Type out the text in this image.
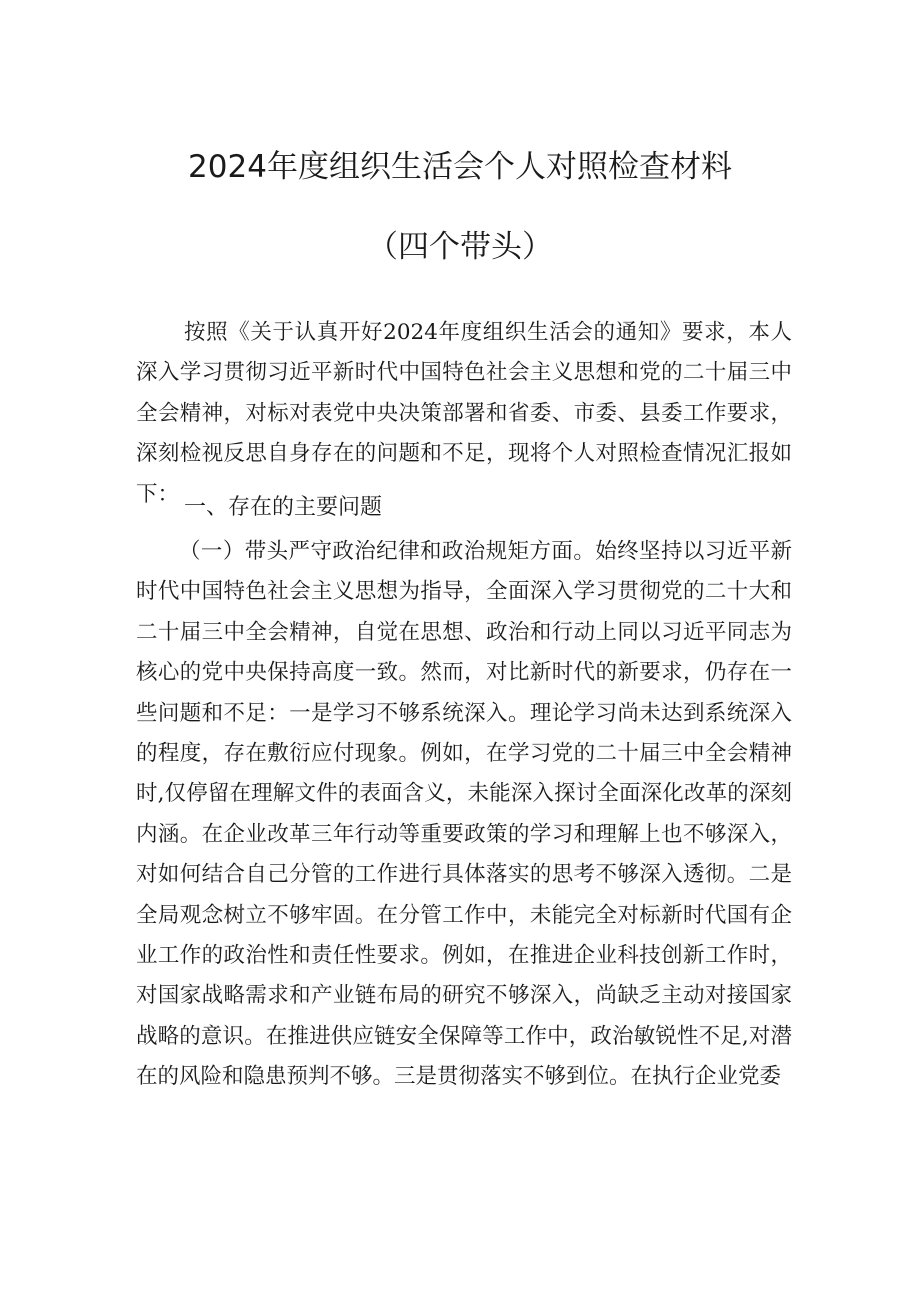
2024年度组织生活会个人对照检查材料
（四个带头）

按照《关于认真开好2024年度组织生活会的通知》要求，本人深入学习贯彻习近平新时代中国特色社会主义思想和党的二十届三中全会精神，对标对表党中央决策部署和省委、市委、县委工作要求，深刻检视反思自身存在的问题和不足，现将个人对照检查情况汇报如下：

一、存在的主要问题

（一）带头严守政治纪律和政治规矩方面。始终坚持以习近平新时代中国特色社会主义思想为指导，全面深入学习贯彻党的二十大和二十届三中全会精神，自觉在思想、政治和行动上同以习近平同志为核心的党中央保持高度一致。然而，对比新时代的新要求，仍存在一些问题和不足：一是学习不够系统深入。理论学习尚未达到系统深入的程度，存在敷衍应付现象。例如，在学习党的二十届三中全会精神时,仅停留在理解文件的表面含义，未能深入探讨全面深化改革的深刻内涵。在企业改革三年行动等重要政策的学习和理解上也不够深入，对如何结合自己分管的工作进行具体落实的思考不够深入透彻。二是全局观念树立不够牢固。在分管工作中，未能完全对标新时代国有企业工作的政治性和责任性要求。例如，在推进企业科技创新工作时，对国家战略需求和产业链布局的研究不够深入，尚缺乏主动对接国家战略的意识。在推进供应链安全保障等工作中，政治敏锐性不足,对潜在的风险和隐患预判不够。三是贯彻落实不够到位。在执行企业党委
